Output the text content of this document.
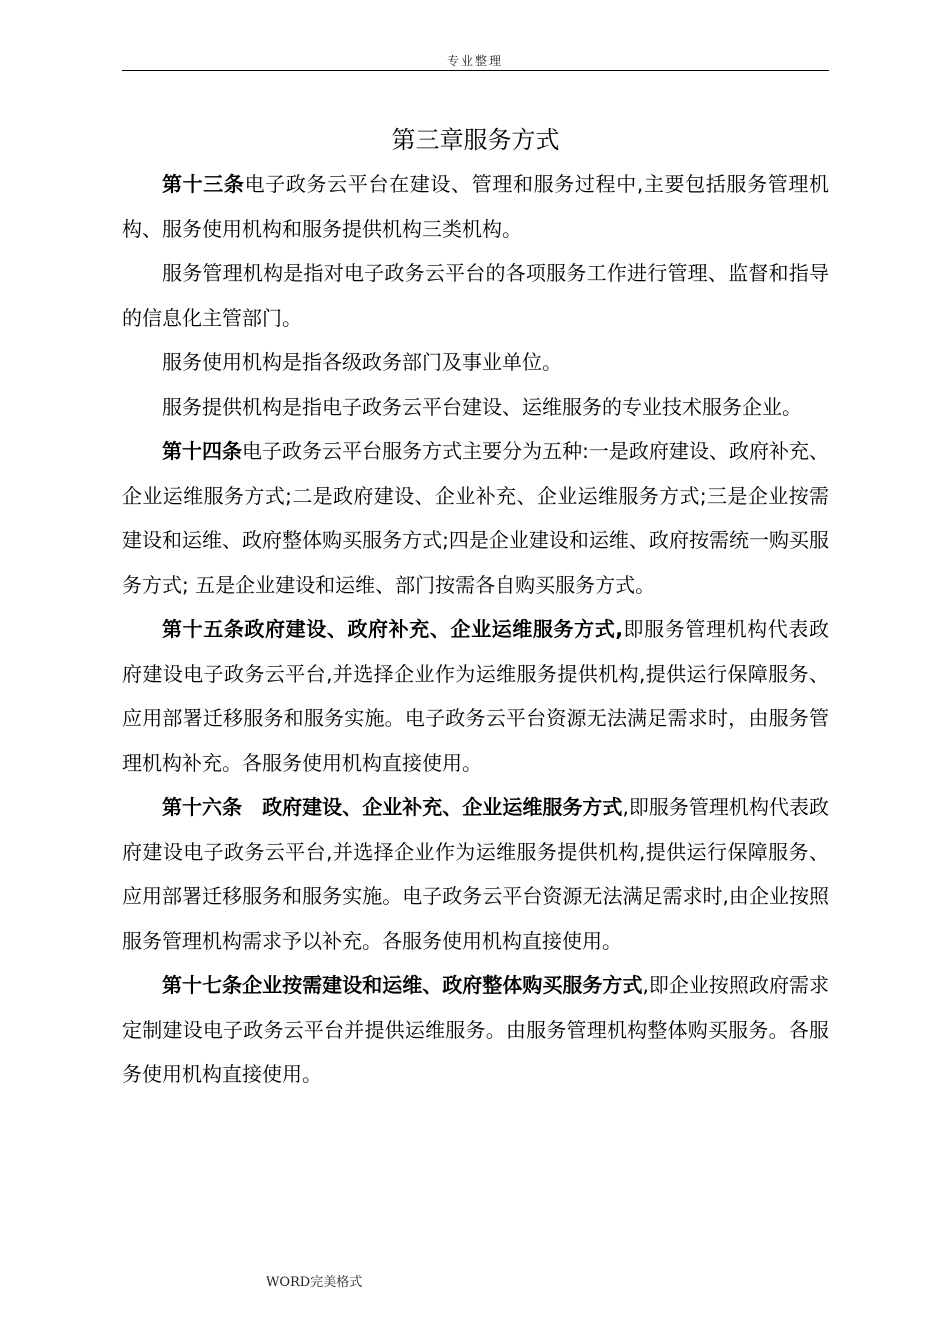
专业整理
第三章服务方式

第十三条电子政务云平台在建设、管理和服务过程中,主要包括服务管理机构、服务使用机构和服务提供机构三类机构。

服务管理机构是指对电子政务云平台的各项服务工作进行管理、监督和指导的信息化主管部门。

服务使用机构是指各级政务部门及事业单位。

服务提供机构是指电子政务云平台建设、运维服务的专业技术服务企业。

第十四条电子政务云平台服务方式主要分为五种:一是政府建设、政府补充、企业运维服务方式;二是政府建设、企业补充、企业运维服务方式;三是企业按需建设和运维、政府整体购买服务方式;四是企业建设和运维、政府按需统一购买服务方式; 五是企业建设和运维、部门按需各自购买服务方式。

第十五条政府建设、政府补充、企业运维服务方式,即服务管理机构代表政府建设电子政务云平台,并选择企业作为运维服务提供机构,提供运行保障服务、应用部署迁移服务和服务实施。电子政务云平台资源无法满足需求时，由服务管理机构补充。各服务使用机构直接使用。

第十六条　政府建设、企业补充、企业运维服务方式,即服务管理机构代表政府建设电子政务云平台,并选择企业作为运维服务提供机构,提供运行保障服务、应用部署迁移服务和服务实施。电子政务云平台资源无法满足需求时,由企业按照服务管理机构需求予以补充。各服务使用机构直接使用。

第十七条企业按需建设和运维、政府整体购买服务方式,即企业按照政府需求定制建设电子政务云平台并提供运维服务。由服务管理机构整体购买服务。各服务使用机构直接使用。

WORD完美格式
